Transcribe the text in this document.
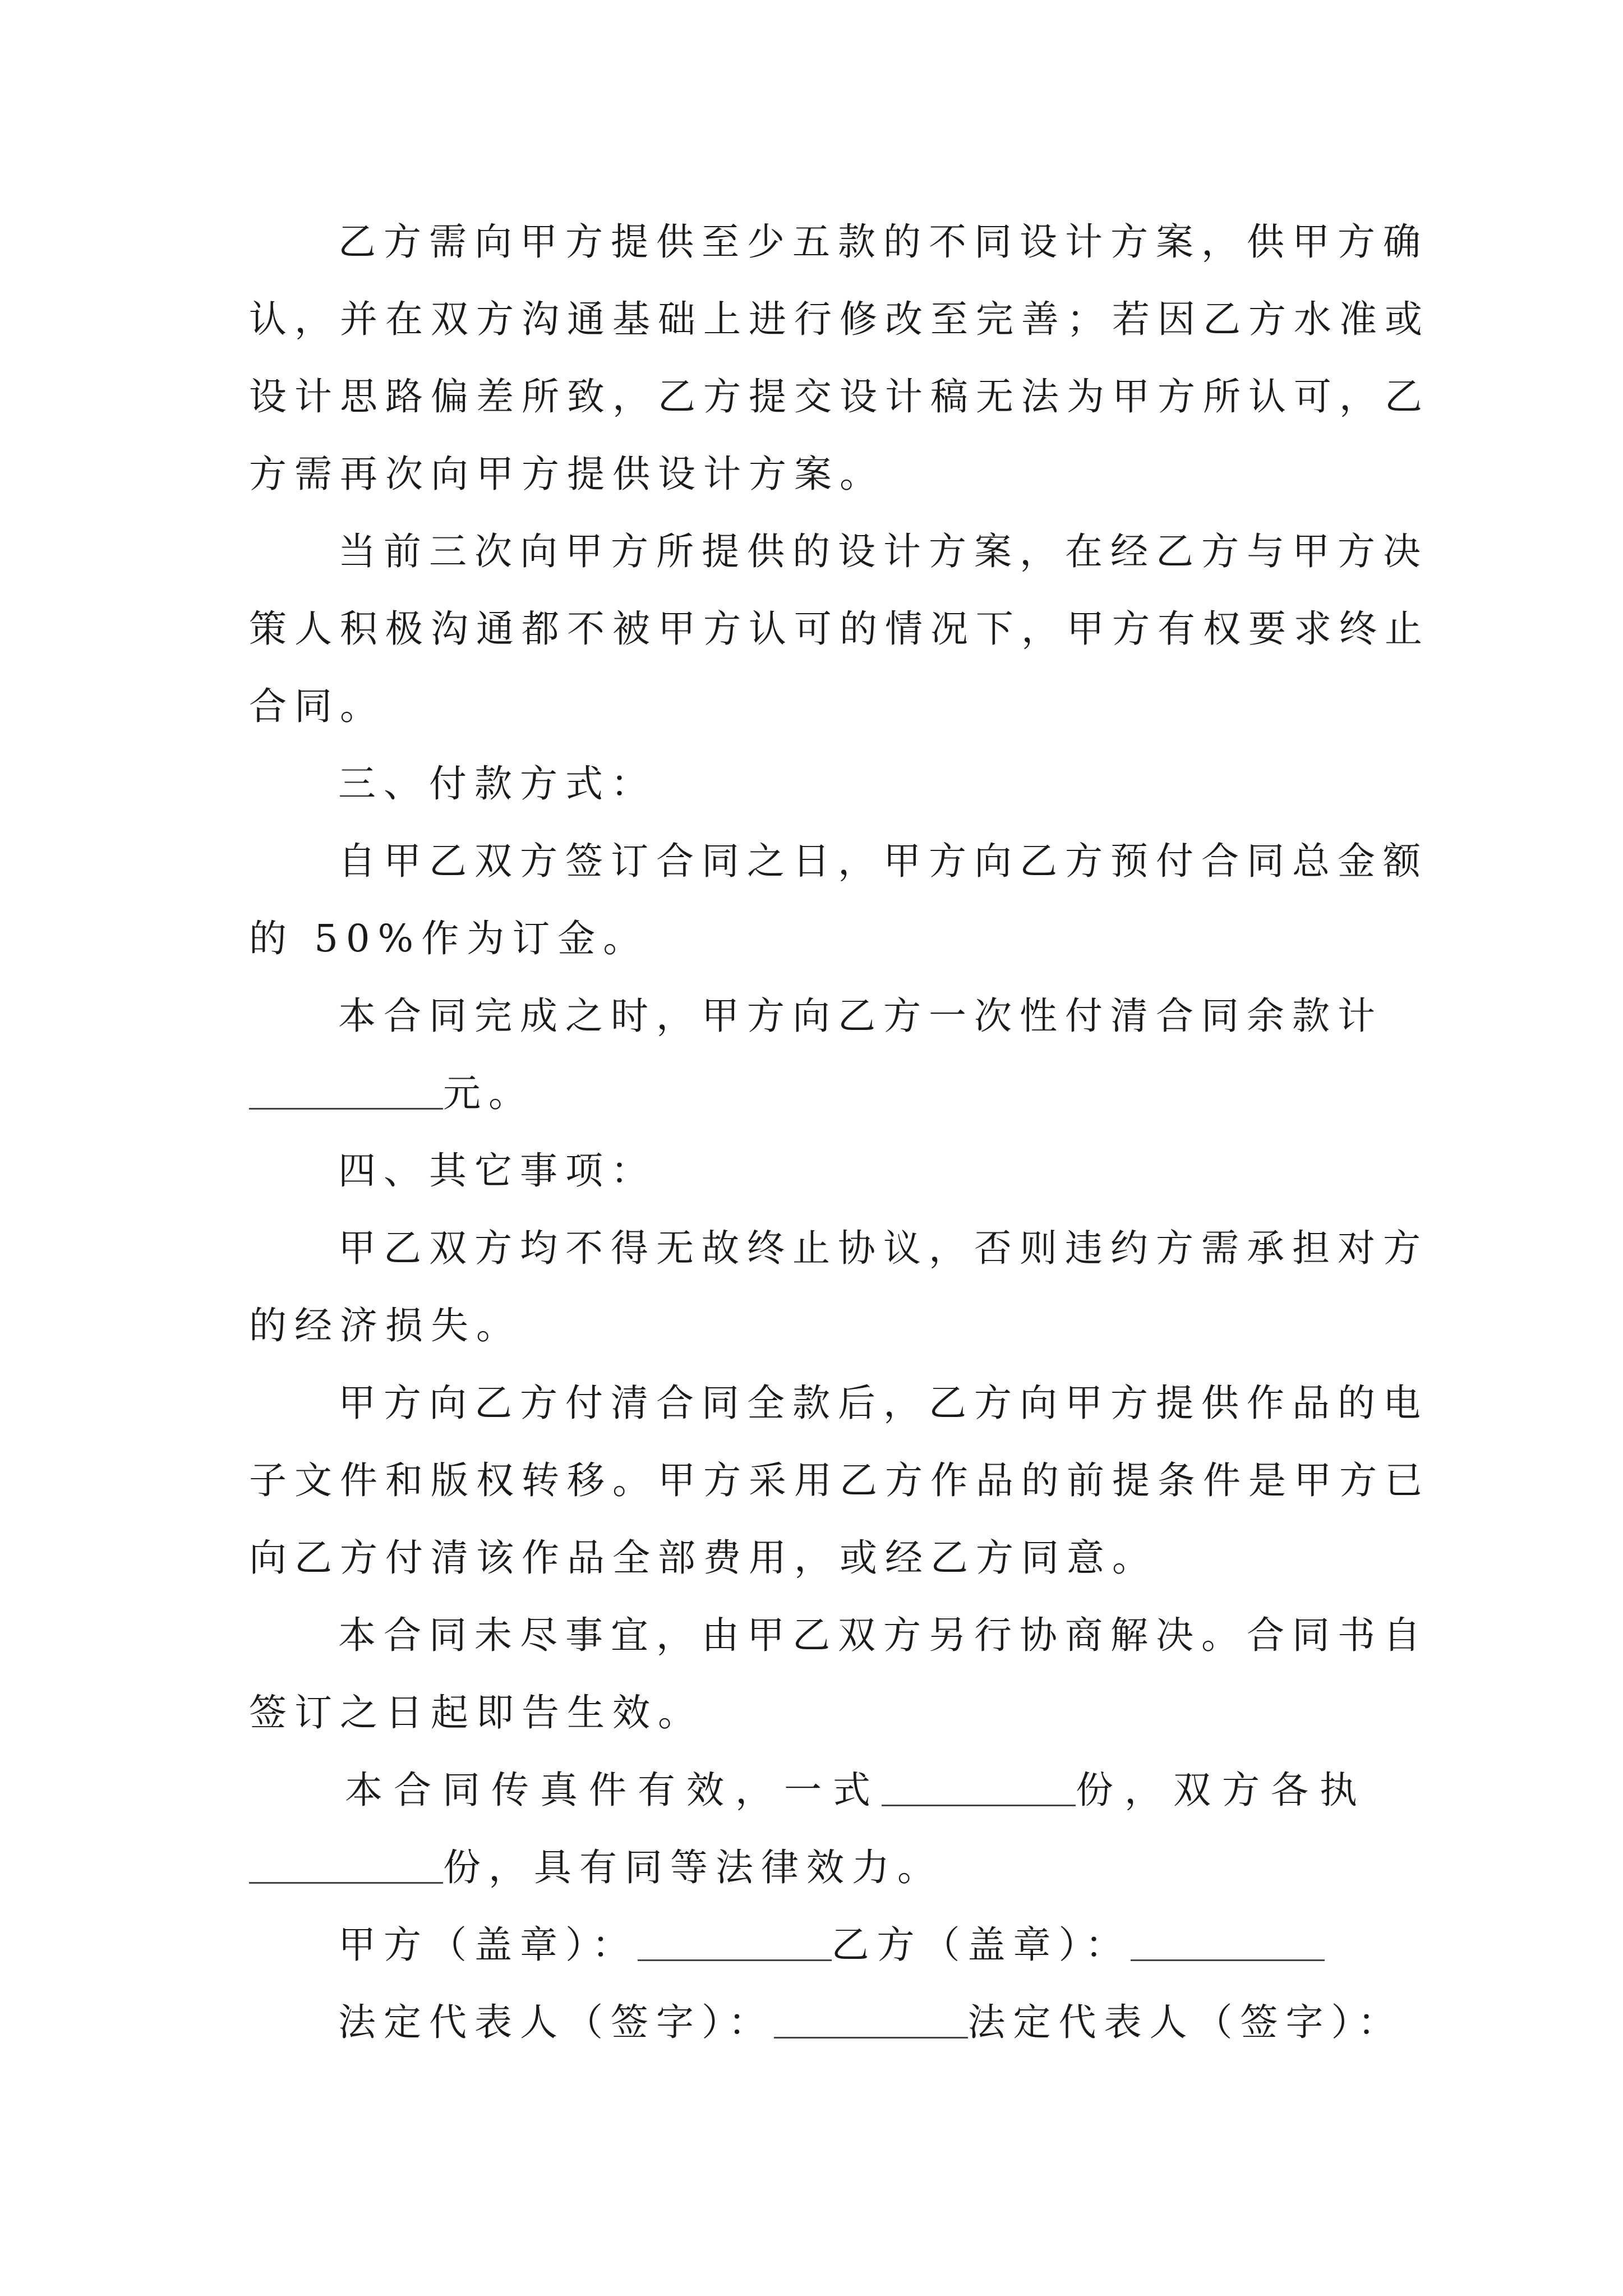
乙方需向甲方提供至少五款的不同设计方案，供甲方确
认，并在双方沟通基础上进行修改至完善；若因乙方水准或
设计思路偏差所致，乙方提交设计稿无法为甲方所认可，乙
方需再次向甲方提供设计方案。
当前三次向甲方所提供的设计方案，在经乙方与甲方决
策人积极沟通都不被甲方认可的情况下，甲方有权要求终止
合同。
三、付款方式：
自甲乙双方签订合同之日，甲方向乙方预付合同总金额
的 50%作为订金。
本合同完成之时，甲方向乙方一次性付清合同余款计
元。
四、其它事项：
甲乙双方均不得无故终止协议，否则违约方需承担对方
的经济损失。
甲方向乙方付清合同全款后，乙方向甲方提供作品的电
子文件和版权转移。甲方采用乙方作品的前提条件是甲方已
向乙方付清该作品全部费用，或经乙方同意。
本合同未尽事宜，由甲乙双方另行协商解决。合同书自
签订之日起即告生效。
本合同传真件有效，一式	份，双方各执
份，具有同等法律效力。
甲方（盖章）：	乙方（盖章）：
法定代表人（签字）：	法定代表人（签字）：
